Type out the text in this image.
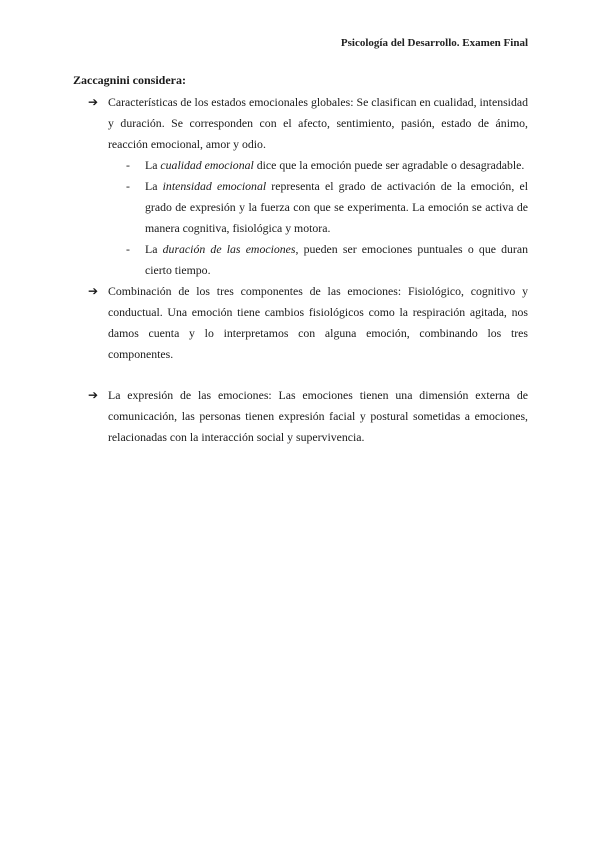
Psicología del Desarrollo. Examen Final
Zaccagnini considera:
➔ Características de los estados emocionales globales: Se clasifican en cualidad, intensidad y duración. Se corresponden con el afecto, sentimiento, pasión, estado de ánimo, reacción emocional, amor y odio.
- La cualidad emocional dice que la emoción puede ser agradable o desagradable.
- La intensidad emocional representa el grado de activación de la emoción, el grado de expresión y la fuerza con que se experimenta. La emoción se activa de manera cognitiva, fisiológica y motora.
- La duración de las emociones, pueden ser emociones puntuales o que duran cierto tiempo.
➔ Combinación de los tres componentes de las emociones: Fisiológico, cognitivo y conductual. Una emoción tiene cambios fisiológicos como la respiración agitada, nos damos cuenta y lo interpretamos con alguna emoción, combinando los tres componentes.
➔ La expresión de las emociones: Las emociones tienen una dimensión externa de comunicación, las personas tienen expresión facial y postural sometidas a emociones, relacionadas con la interacción social y supervivencia.
